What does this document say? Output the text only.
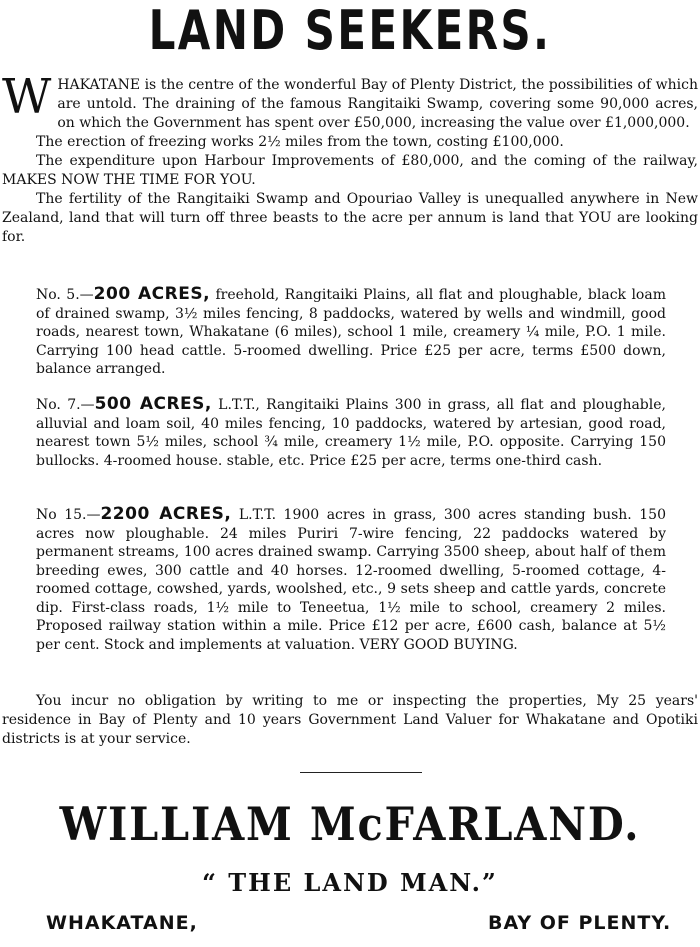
LAND SEEKERS.

WHAKATANE is the centre of the wonderful Bay of Plenty District, the possibilities of which are untold. The draining of the famous Rangitaiki Swamp, covering some 90,000 acres, on which the Government has spent over £50,000, increasing the value over £1,000,000.

The erection of freezing works 2½ miles from the town, costing £100,000.

The expenditure upon Harbour Improvements of £80,000, and the coming of the railway, MAKES NOW THE TIME FOR YOU.

The fertility of the Rangitaiki Swamp and Opouriao Valley is unequalled anywhere in New Zealand, land that will turn off three beasts to the acre per annum is land that YOU are looking for.

No. 5.—200 ACRES, freehold, Rangitaiki Plains, all flat and ploughable, black loam of drained swamp, 3½ miles fencing, 8 paddocks, watered by wells and windmill, good roads, nearest town, Whakatane (6 miles), school 1 mile, creamery ¼ mile, P.O. 1 mile. Carrying 100 head cattle. 5-roomed dwelling. Price £25 per acre, terms £500 down, balance arranged.
No. 7.—500 ACRES, L.T.T., Rangitaiki Plains 300 in grass, all flat and ploughable, alluvial and loam soil, 40 miles fencing, 10 paddocks, watered by artesian, good road, nearest town 5½ miles, school ¾ mile, creamery 1½ mile, P.O. opposite. Carrying 150 bullocks. 4-roomed house. stable, etc. Price £25 per acre, terms one-third cash.
No 15.—2200 ACRES, L.T.T. 1900 acres in grass, 300 acres standing bush. 150 acres now ploughable. 24 miles Puriri 7-wire fencing, 22 paddocks watered by permanent streams, 100 acres drained swamp. Carrying 3500 sheep, about half of them breeding ewes, 300 cattle and 40 horses. 12-roomed dwelling, 5-roomed cottage, 4-roomed cottage, cowshed, yards, woolshed, etc., 9 sets sheep and cattle yards, concrete dip. First-class roads, 1½ mile to Teneetua, 1½ mile to school, creamery 2 miles. Proposed railway station within a mile. Price £12 per acre, £600 cash, balance at 5½ per cent. Stock and implements at valuation. VERY GOOD BUYING.

You incur no obligation by writing to me or inspecting the properties, My 25 years' residence in Bay of Plenty and 10 years Government Land Valuer for Whakatane and Opotiki districts is at your service.

WILLIAM McFARLAND.
“ THE LAND MAN.”
WHAKATANE,	BAY OF PLENTY.
